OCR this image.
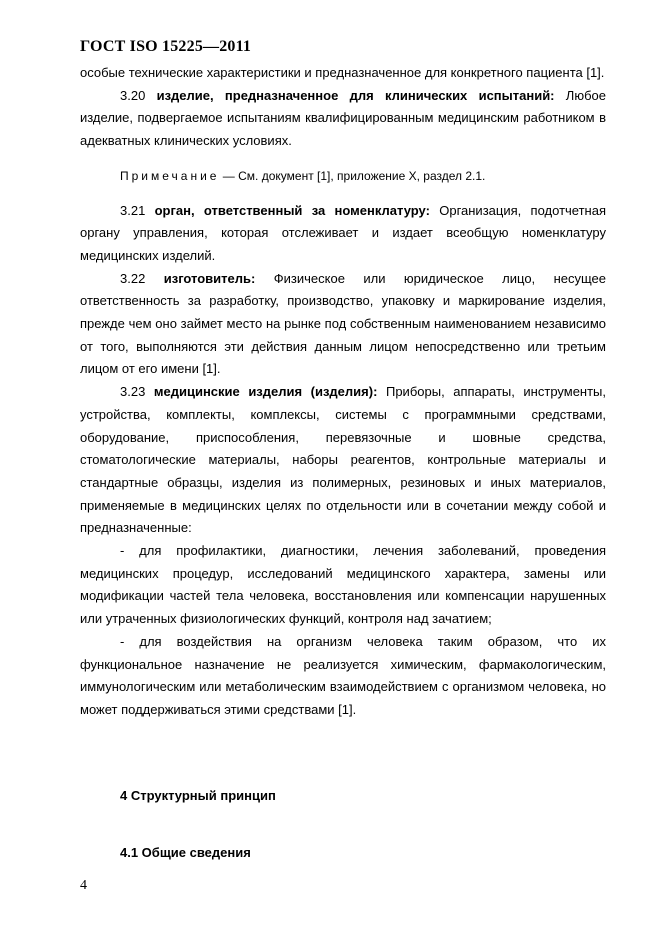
ГОСТ ISO 15225—2011

особые технические характеристики и предназначенное для конкретного пациента [1].

3.20 изделие, предназначенное для клинических испытаний: Любое изделие, подвергаемое испытаниям квалифицированным медицинским работником в адекватных клинических условиях.

Примечание — См. документ [1], приложение X, раздел 2.1.

3.21 орган, ответственный за номенклатуру: Организация, подотчетная органу управления, которая отслеживает и издает всеобщую номенклатуру медицинских изделий.

3.22 изготовитель: Физическое или юридическое лицо, несущее ответственность за разработку, производство, упаковку и маркирование изделия, прежде чем оно займет место на рынке под собственным наименованием независимо от того, выполняются эти действия данным лицом непосредственно или третьим лицом от его имени [1].

3.23 медицинские изделия (изделия): Приборы, аппараты, инструменты, устройства, комплекты, комплексы, системы с программными средствами, оборудование, приспособления, перевязочные и шовные средства, стоматологические материалы, наборы реагентов, контрольные материалы и стандартные образцы, изделия из полимерных, резиновых и иных материалов, применяемые в медицинских целях по отдельности или в сочетании между собой и предназначенные:

- для профилактики, диагностики, лечения заболеваний, проведения медицинских процедур, исследований медицинского характера, замены или модификации частей тела человека, восстановления или компенсации нарушенных или утраченных физиологических функций, контроля над зачатием;

- для воздействия на организм человека таким образом, что их функциональное назначение не реализуется химическим, фармакологическим, иммунологическим или метаболическим взаимодействием с организмом человека, но может поддерживаться этими средствами [1].

4 Структурный принцип
4.1 Общие сведения
4
